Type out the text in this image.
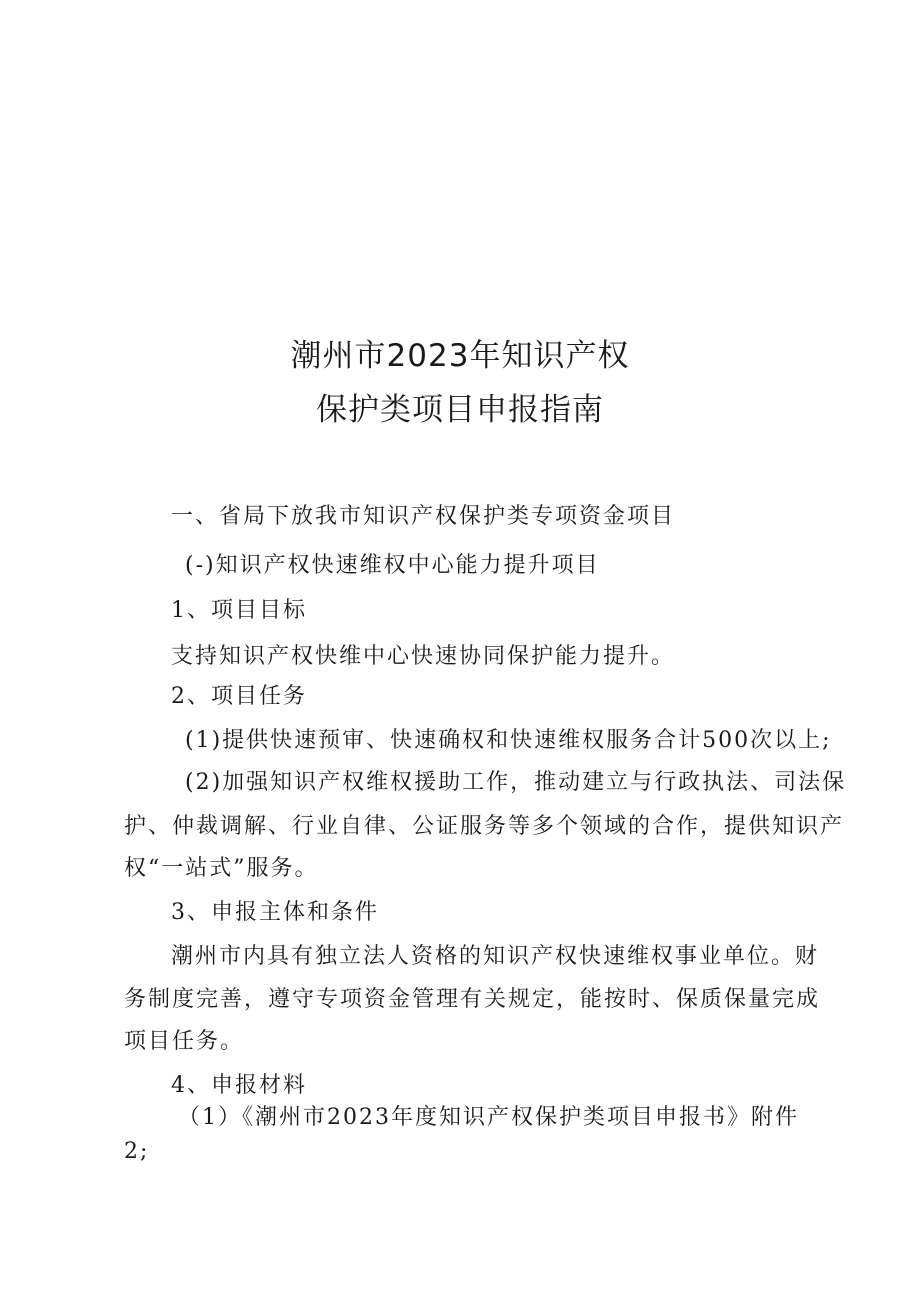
潮州市2023年知识产权
保护类项目申报指南
一、省局下放我市知识产权保护类专项资金项目
(-)知识产权快速维权中心能力提升项目
1、项目目标
支持知识产权快维中心快速协同保护能力提升。
2、项目任务
(1)提供快速预审、快速确权和快速维权服务合计500次以上;
(2)加强知识产权维权援助工作，推动建立与行政执法、司法保
护、仲裁调解、行业自律、公证服务等多个领域的合作，提供知识产
权“一站式”服务。
3、申报主体和条件
潮州市内具有独立法人资格的知识产权快速维权事业单位。财
务制度完善，遵守专项资金管理有关规定，能按时、保质保量完成
项目任务。
4、申报材料
（1）《潮州市2023年度知识产权保护类项目申报书》附件
2;
